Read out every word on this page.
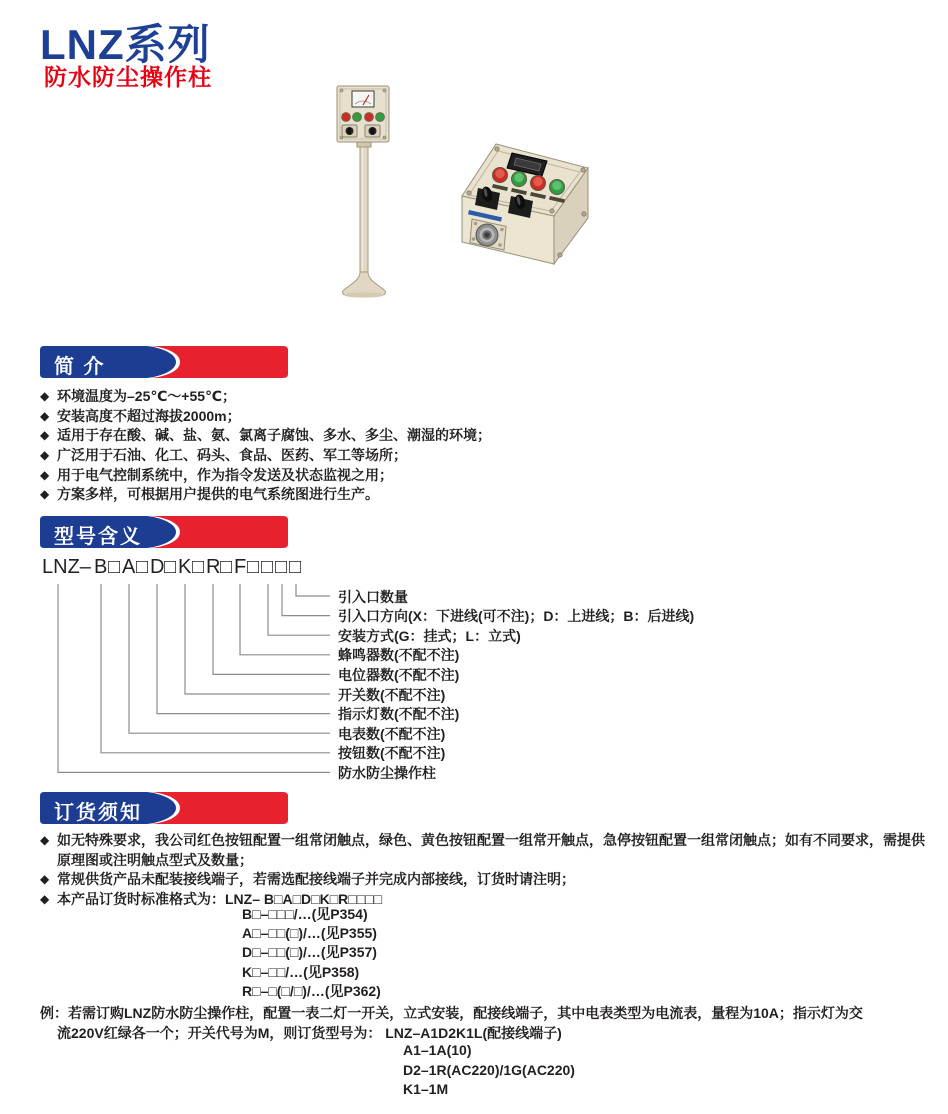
LNZ系列
防水防尘操作柱
简 介
◆ 环境温度为–25℃～+55℃；
◆ 安装高度不超过海拔2000m；
◆ 适用于存在酸、碱、盐、氨、氯离子腐蚀、多水、多尘、潮湿的环境；
◆ 广泛用于石油、化工、码头、食品、医药、军工等场所；
◆ 用于电气控制系统中，作为指令发送及状态监视之用；
◆ 方案多样，可根据用户提供的电气系统图进行生产。
型号含义
LNZ– B □ A □ D □ K □ R □ F □ □ □ □
引入口数量
引入口方向(X：下进线(可不注)；D：上进线；B：后进线)
安装方式(G：挂式；L：立式)
蜂鸣器数(不配不注)
电位器数(不配不注)
开关数(不配不注)
指示灯数(不配不注)
电表数(不配不注)
按钮数(不配不注)
防水防尘操作柱
订货须知
◆ 如无特殊要求，我公司红色按钮配置一组常闭触点，绿色、黄色按钮配置一组常开触点，急停按钮配置一组常闭触点；如有不同要求，需提供
原理图或注明触点型式及数量；
◆ 常规供货产品未配装接线端子，若需选配接线端子并完成内部接线，订货时请注明；
◆ 本产品订货时标准格式为：LNZ– B□A□D□K□R□□□□
B□–□□□/…(见P354)
A□–□□(□)/…(见P355)
D□–□□(□)/…(见P357)
K□–□□/…(见P358)
R□–□(□/□)/…(见P362)
例：若需订购LNZ防水防尘操作柱，配置一表二灯一开关，立式安装，配接线端子，其中电表类型为电流表，量程为10A；指示灯为交
流220V红绿各一个；开关代号为M，则订货型号为： LNZ–A1D2K1L(配接线端子)
A1–1A(10)
D2–1R(AC220)/1G(AC220)
K1–1M
